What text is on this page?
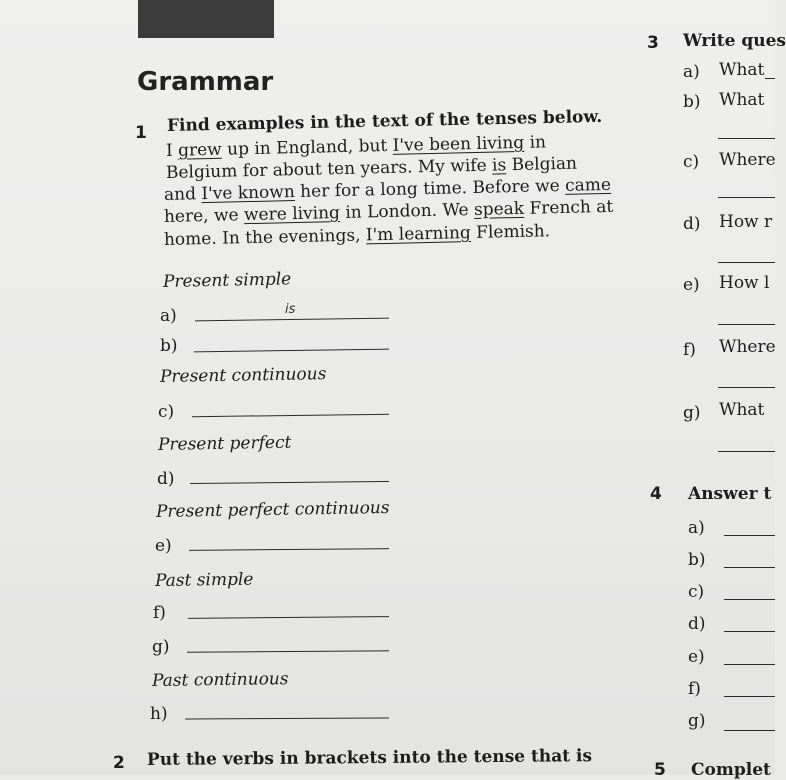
Grammar
1 Find examples in the text of the tenses below.
I grew up in England, but I've been living in
Belgium for about ten years. My wife is Belgian
and I've known her for a long time. Before we came
here, we were living in London. We speak French at
home. In the evenings, I'm learning Flemish.
Present simple
a)	is
b)
Present continuous
c)
Present perfect
d)
Present perfect continuous
e)
Past simple
f)
g)
Past continuous
h)
2 Put the verbs in brackets into the tense that is
3 Write ques
a) What
b) What
c) Where
d) How r
e) How l
f) Where
g) What
4 Answer t
a)
b)
c)
d)
e)
f)
g)
5 Complet
